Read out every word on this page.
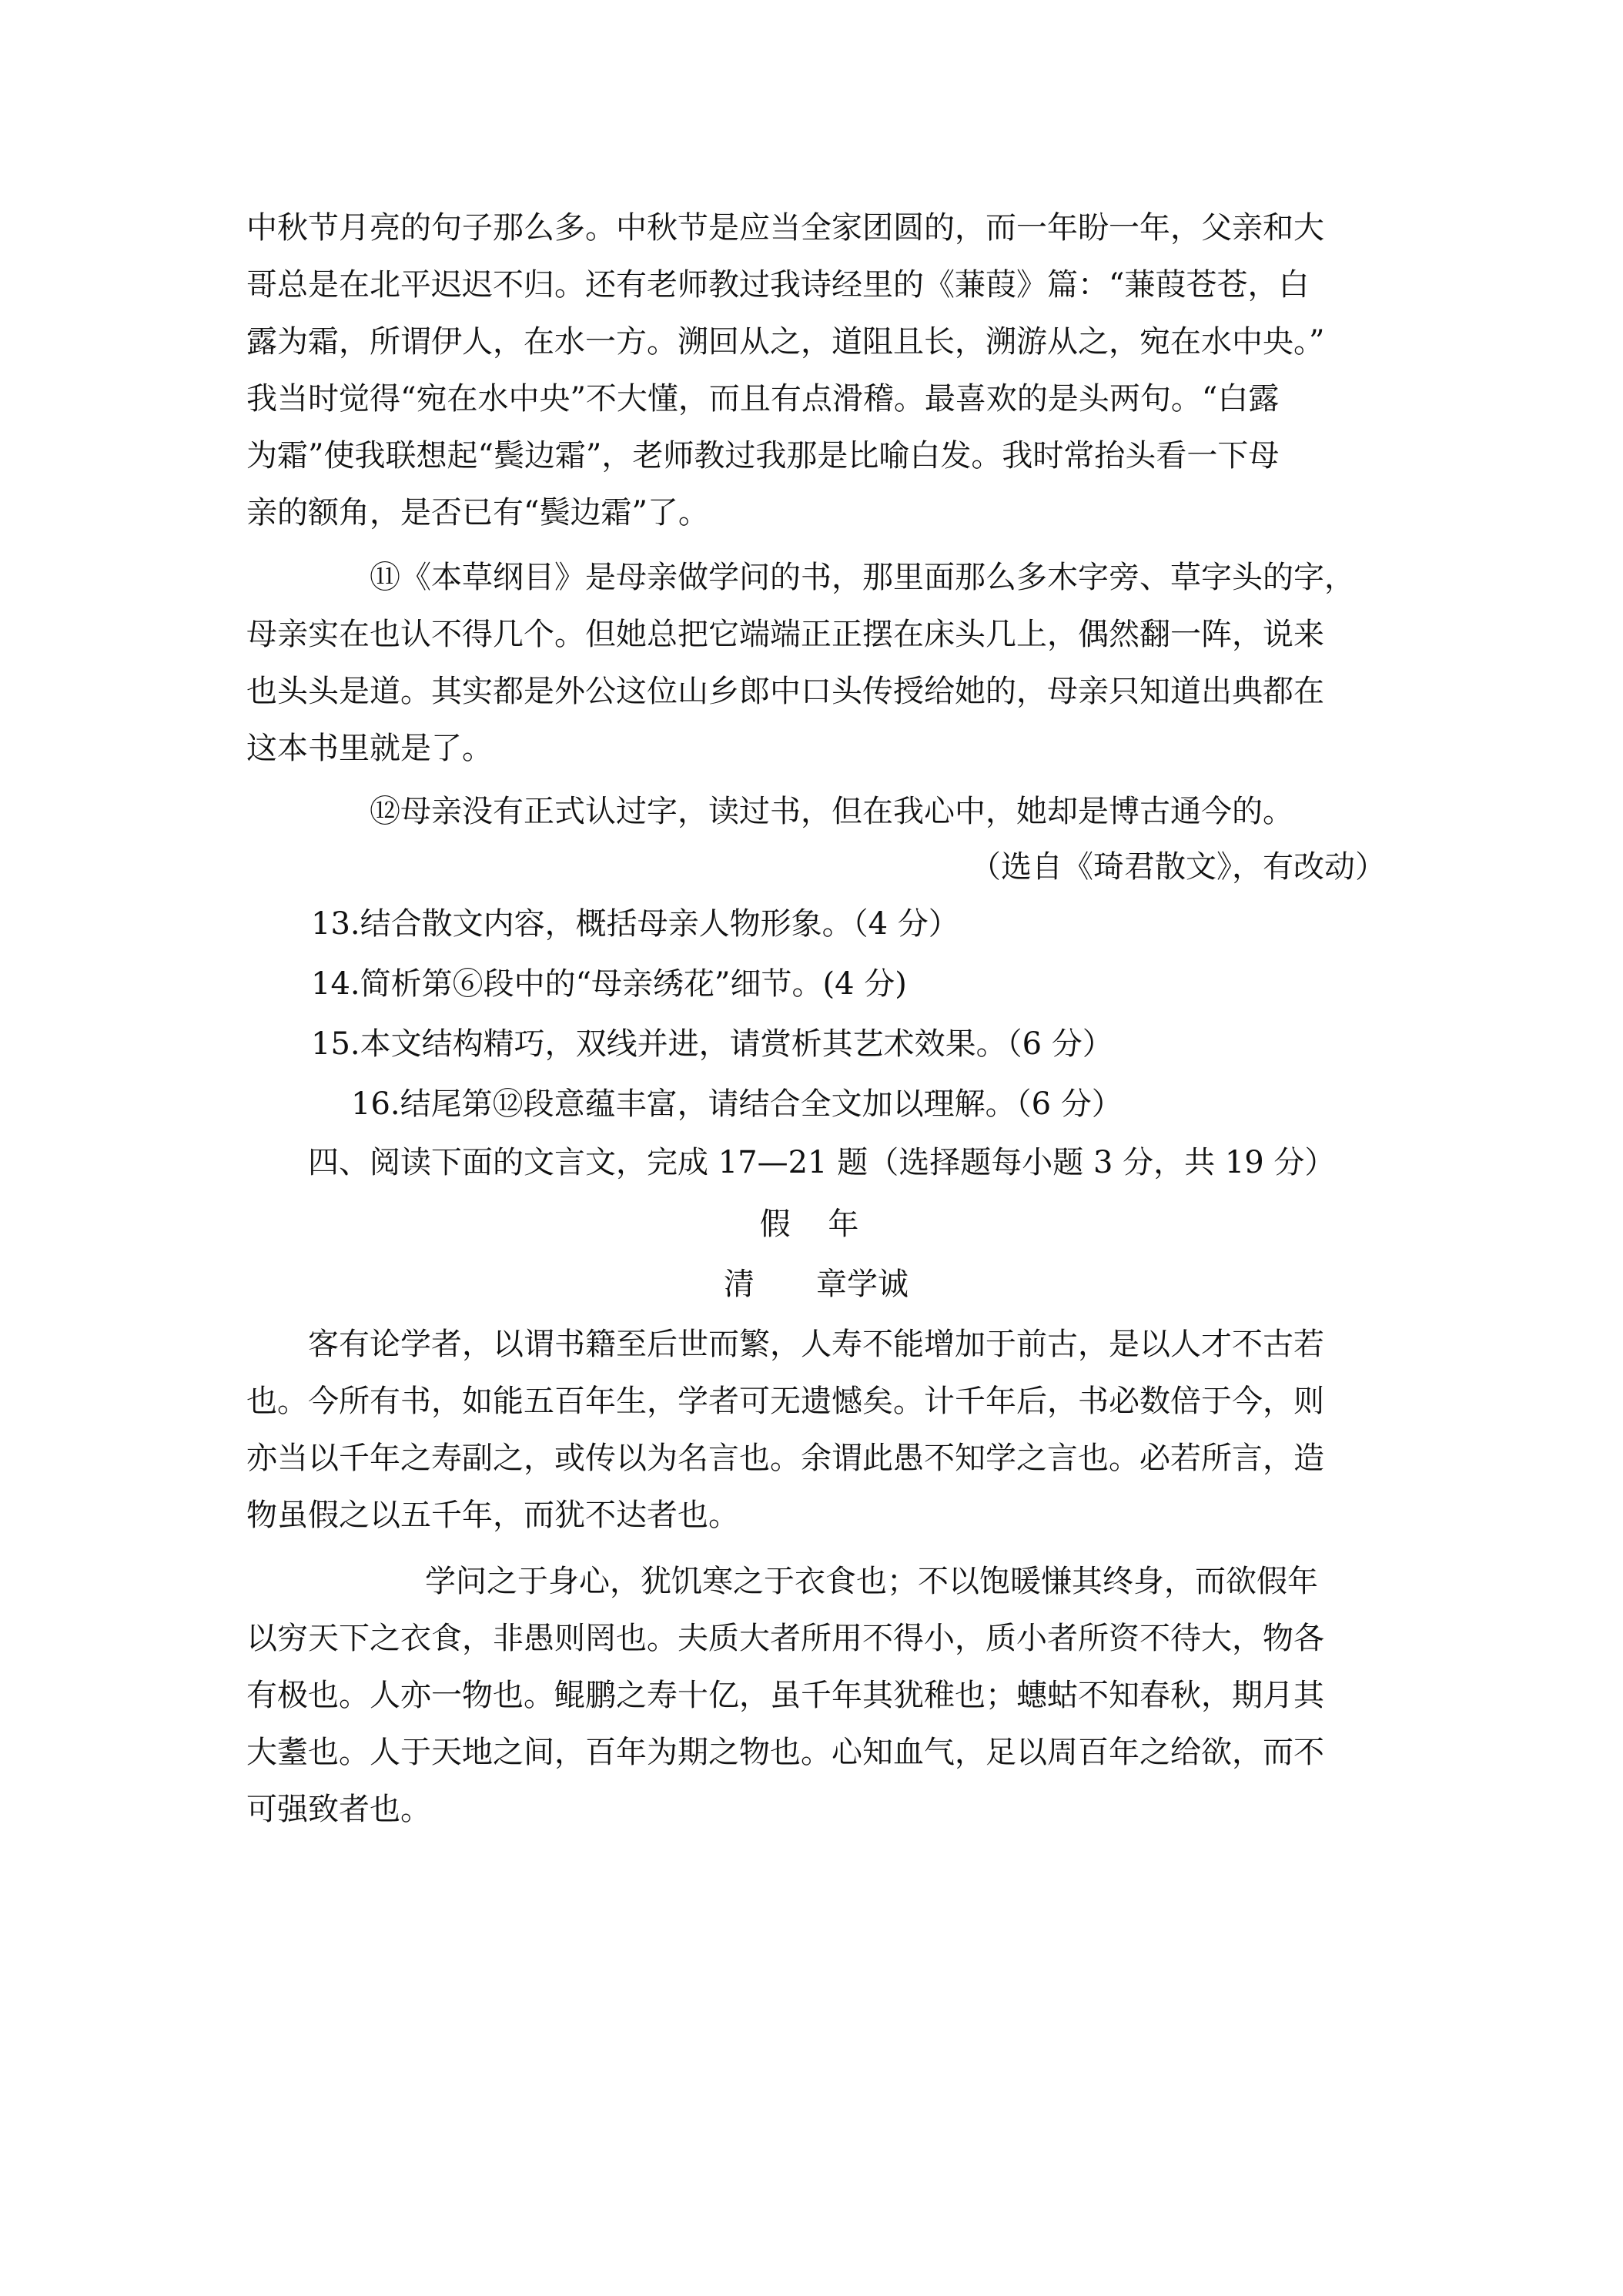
中秋节月亮的句子那么多。中秋节是应当全家团圆的，而一年盼一年，父亲和大
哥总是在北平迟迟不归。还有老师教过我诗经里的《蒹葭》篇：“蒹葭苍苍，白
露为霜，所谓伊人，在水一方。溯回从之，道阻且长，溯游从之，宛在水中央。”
我当时觉得“宛在水中央”不大懂，而且有点滑稽。最喜欢的是头两句。“白露
为霜”使我联想起“鬓边霜”，老师教过我那是比喻白发。我时常抬头看一下母
亲的额角，是否已有“鬓边霜”了。
⑪《本草纲目》是母亲做学问的书，那里面那么多木字旁、草字头的字，
母亲实在也认不得几个。但她总把它端端正正摆在床头几上，偶然翻一阵，说来
也头头是道。其实都是外公这位山乡郎中口头传授给她的，母亲只知道出典都在
这本书里就是了。
⑫母亲没有正式认过字，读过书，但在我心中，她却是博古通今的。
（选自《琦君散文》，有改动）
13.结合散文内容，概括母亲人物形象。（4 分）
14.简析第⑥段中的“母亲绣花”细节。(4 分)
15.本文结构精巧，双线并进，请赏析其艺术效果。（6 分）
16.结尾第⑫段意蕴丰富，请结合全文加以理解。（6 分）
四、阅读下面的文言文，完成 17—21 题（选择题每小题 3 分，共 19 分）
假 年
清　　章学诚
客有论学者，以谓书籍至后世而繁，人寿不能增加于前古，是以人才不古若
也。今所有书，如能五百年生，学者可无遗憾矣。计千年后，书必数倍于今，则
亦当以千年之寿副之，或传以为名言也。余谓此愚不知学之言也。必若所言，造
物虽假之以五千年，而犹不达者也。
学问之于身心，犹饥寒之于衣食也；不以饱暖慊其终身，而欲假年
以穷天下之衣食，非愚则罔也。夫质大者所用不得小，质小者所资不待大，物各
有极也。人亦一物也。鲲鹏之寿十亿，虽千年其犹稚也；蟪蛄不知春秋，期月其
大耋也。人于天地之间，百年为期之物也。心知血气，足以周百年之给欲，而不
可强致者也。
